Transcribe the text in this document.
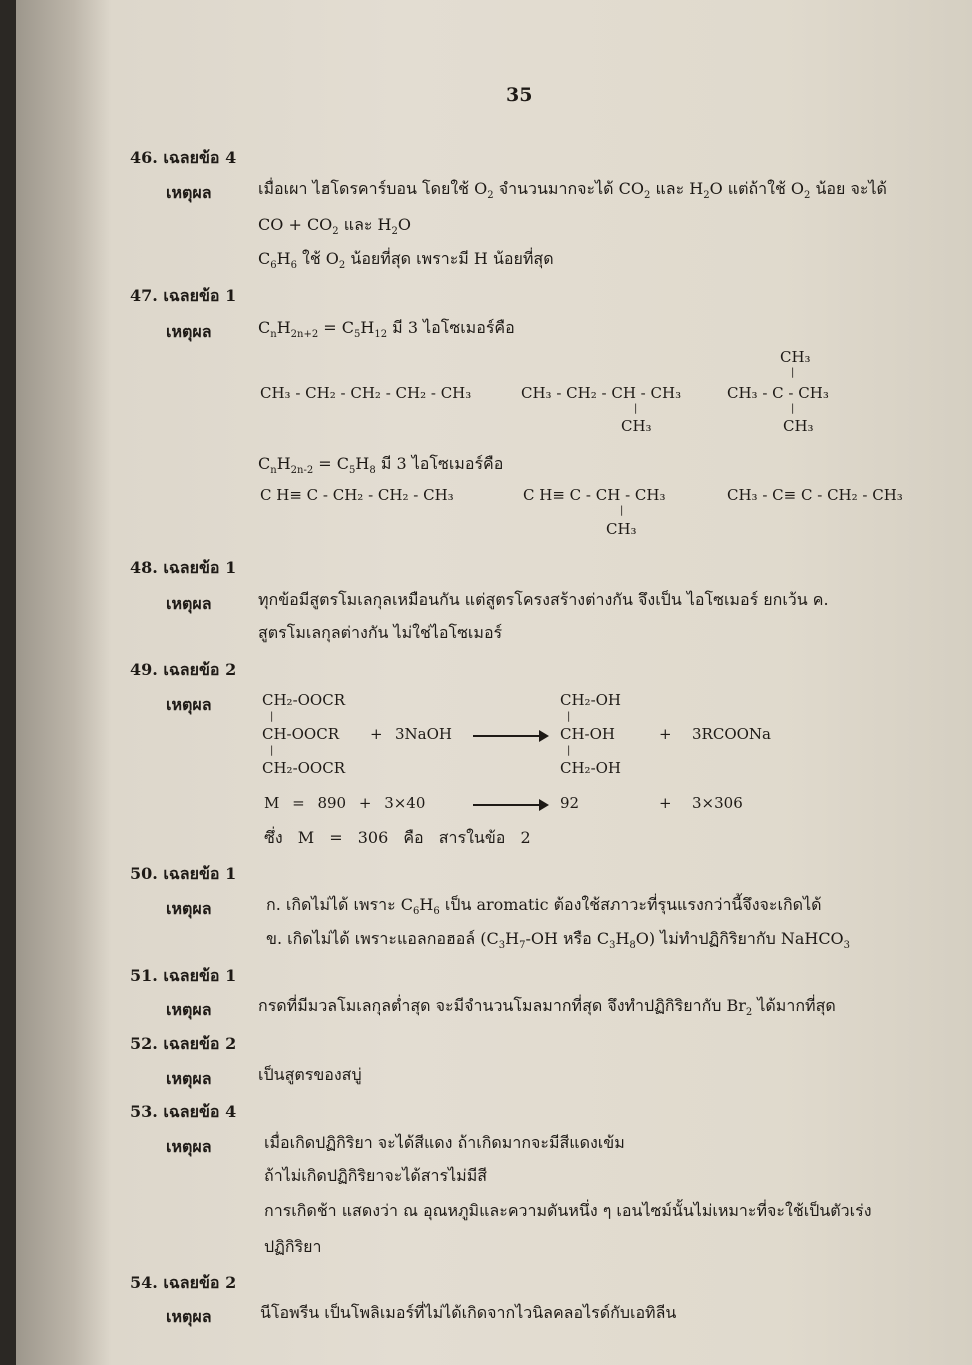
35
46. เฉลยข้อ 4
เหตุผล	เมื่อเผา ไฮโดรคาร์บอน โดยใช้ $O_2$ จำนวนมากจะได้ $CO_2$ และ $H_2O$ แต่ถ้าใช้ $O_2$ น้อย จะได้
CO + $CO_2$ และ $H_2O$
$C_6H_6$ ใช้ $O_2$ น้อยที่สุด เพราะมี H น้อยที่สุด
47. เฉลยข้อ 1
เหตุผล	$C_nH_{2n+2} = C_5H_{12}$ มี 3 ไอโซเมอร์คือ
CH₃ - CH₂ - CH₂ - CH₂ - CH₃	CH₃ - CH₂ - CH - CH₃
|
CH₃
CH₃
|
CH₃ - C - CH₃
|
CH₃
$C_nH_{2n-2} = C_5H_8$ มี 3 ไอโซเมอร์คือ
C H≡ C - CH₂ - CH₂ - CH₃	C H≡ C - CH - CH₃
|
CH₃
CH₃ - C≡ C - CH₂ - CH₃
48. เฉลยข้อ 1
เหตุผล	ทุกข้อมีสูตรโมเลกุลเหมือนกัน แต่สูตรโครงสร้างต่างกัน จึงเป็น ไอโซเมอร์ ยกเว้น ค.
สูตรโมเลกุลต่างกัน ไม่ใช่ไอโซเมอร์
49. เฉลยข้อ 2
เหตุผล	CH₂-OOCR
|
CH-OOCR
|
CH₂-OOCR
+ 3NaOH
CH₂-OH
|
CH-OH
|
CH₂-OH
+ 3RCOONa
M = 890 + 3×40	92	+ 3×306
ซึ่ง M = 306 คือ สารในข้อ 2
50. เฉลยข้อ 1
เหตุผล	ก. เกิดไม่ได้ เพราะ $C_6H_6$ เป็น aromatic ต้องใช้สภาวะที่รุนแรงกว่านี้จึงจะเกิดได้
ข. เกิดไม่ได้ เพราะแอลกอฮอล์ ($C_3H_7-OH$ หรือ $C_3H_8O$) ไม่ทำปฏิกิริยากับ NaHCO$_3$
51. เฉลยข้อ 1
เหตุผล	กรดที่มีมวลโมเลกุลต่ำสุด จะมีจำนวนโมลมากที่สุด จึงทำปฏิกิริยากับ $Br_2$ ได้มากที่สุด
52. เฉลยข้อ 2
เหตุผล	เป็นสูตรของสบู่
53. เฉลยข้อ 4
เหตุผล	เมื่อเกิดปฏิกิริยา จะได้สีแดง ถ้าเกิดมากจะมีสีแดงเข้ม
ถ้าไม่เกิดปฏิกิริยาจะได้สารไม่มีสี
การเกิดช้า แสดงว่า ณ อุณหภูมิและความดันหนึ่ง ๆ เอนไซม์นั้นไม่เหมาะที่จะใช้เป็นตัวเร่ง
ปฏิกิริยา
54. เฉลยข้อ 2
เหตุผล	นีโอพรีน เป็นโพลิเมอร์ที่ไม่ได้เกิดจากไวนิลคลอไรด์กับเอทิลีน
